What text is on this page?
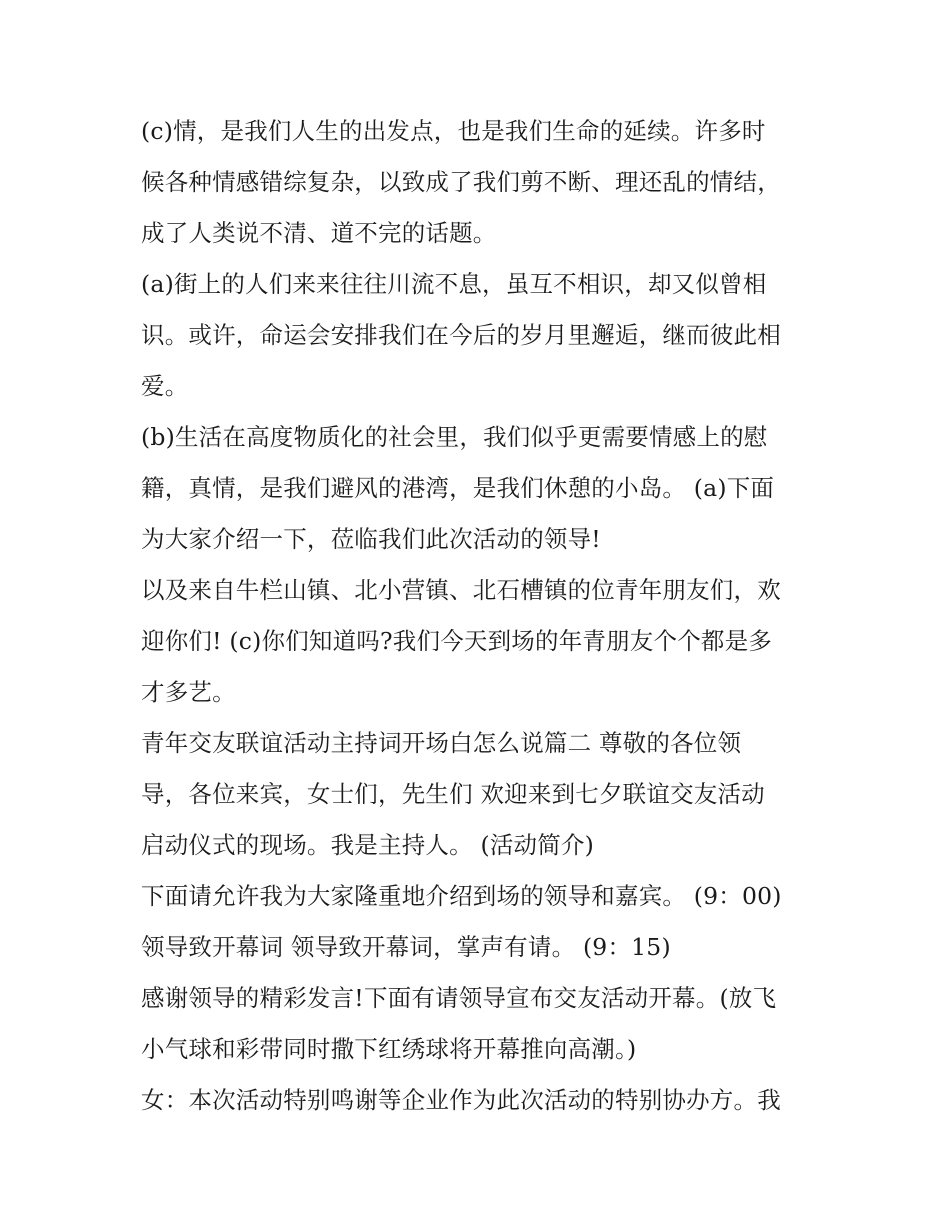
(c)情，是我们人生的出发点，也是我们生命的延续。许多时
候各种情感错综复杂，以致成了我们剪不断、理还乱的情结，
成了人类说不清、道不完的话题。
(a)街上的人们来来往往川流不息，虽互不相识，却又似曾相
识。或许，命运会安排我们在今后的岁月里邂逅，继而彼此相
爱。
(b)生活在高度物质化的社会里，我们似乎更需要情感上的慰
籍，真情，是我们避风的港湾，是我们休憩的小岛。 (a)下面
为大家介绍一下，莅临我们此次活动的领导!
以及来自牛栏山镇、北小营镇、北石槽镇的位青年朋友们，欢
迎你们! (c)你们知道吗?我们今天到场的年青朋友个个都是多
才多艺。
青年交友联谊活动主持词开场白怎么说篇二 尊敬的各位领
导，各位来宾，女士们，先生们 欢迎来到七夕联谊交友活动
启动仪式的现场。我是主持人。 (活动简介)
下面请允许我为大家隆重地介绍到场的领导和嘉宾。 (9：00)
领导致开幕词 领导致开幕词，掌声有请。 (9：15)
感谢领导的精彩发言!下面有请领导宣布交友活动开幕。(放飞
小气球和彩带同时撒下红绣球将开幕推向高潮。)
女：本次活动特别鸣谢等企业作为此次活动的特别协办方。我
